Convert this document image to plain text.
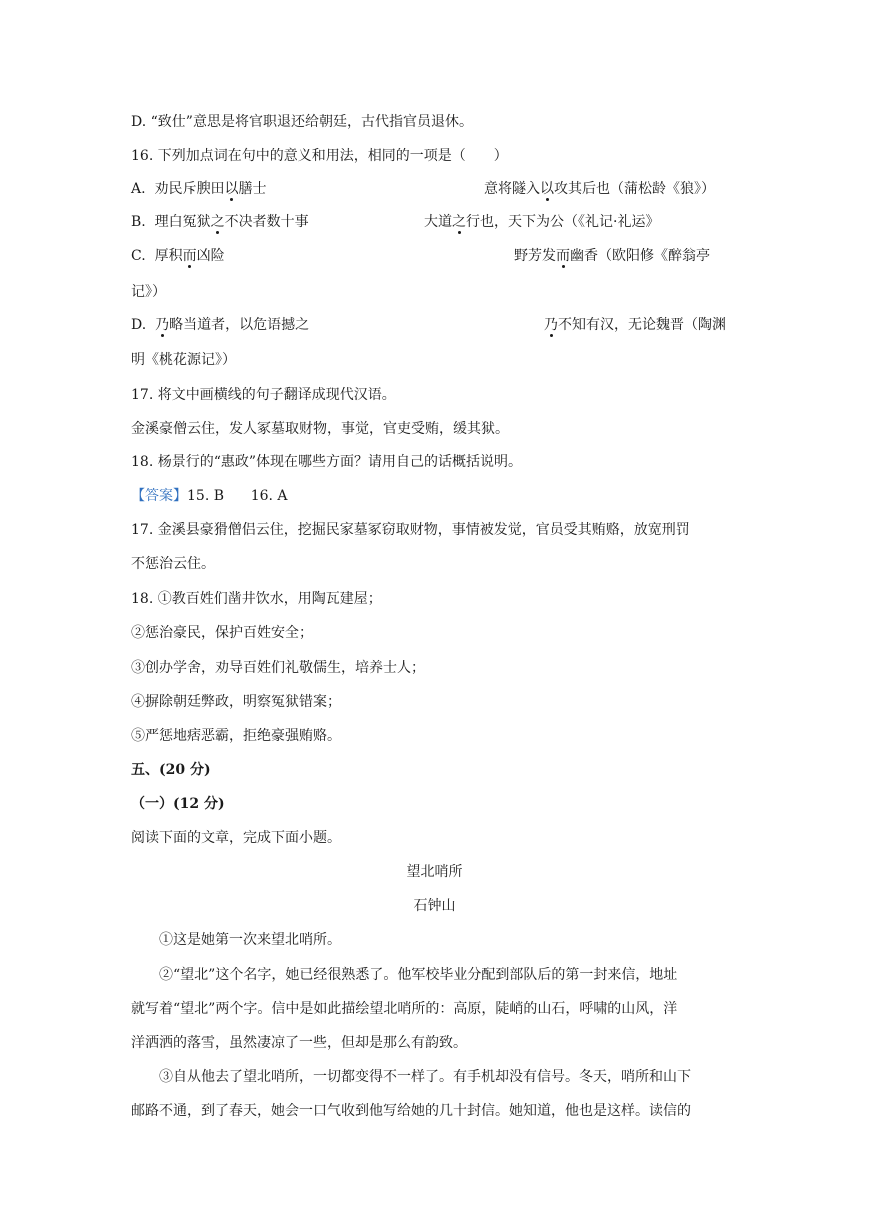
D. “致仕”意思是将官职退还给朝廷，古代指官员退休。
16. 下列加点词在句中的意义和用法，相同的一项是（　　）
A. 劝民斥腴田以膳士	意将隧入以攻其后也（蒲松龄《狼》）
B. 理白冤狱之不决者数十事	大道之行也，天下为公（《礼记·礼运》
C. 厚积而凶险	野芳发而幽香（欧阳修《醉翁亭
记》）
D. 乃略当道者，以危语撼之	乃不知有汉，无论魏晋（陶渊
明《桃花源记》）
17. 将文中画横线的句子翻译成现代汉语。
金溪豪僧云住，发人冢墓取财物，事觉，官吏受贿，缓其狱。
18. 杨景行的“惠政”体现在哪些方面？请用自己的话概括说明。
【答案】15. B 16. A
17. 金溪县豪猾僧侣云住，挖掘民家墓冢窃取财物，事情被发觉，官员受其贿赂，放宽刑罚
不惩治云住。
18. ①教百姓们凿井饮水，用陶瓦建屋；
②惩治豪民，保护百姓安全；
③创办学舍，劝导百姓们礼敬儒生，培养士人；
④摒除朝廷弊政，明察冤狱错案；
⑤严惩地痞恶霸，拒绝豪强贿赂。
五、(20 分)
（一）(12 分)
阅读下面的文章，完成下面小题。
望北哨所
石钟山
①这是她第一次来望北哨所。
②“望北”这个名字，她已经很熟悉了。他军校毕业分配到部队后的第一封来信，地址
就写着“望北”两个字。信中是如此描绘望北哨所的：高原，陡峭的山石，呼啸的山风，洋
洋洒洒的落雪，虽然凄凉了一些，但却是那么有韵致。
③自从他去了望北哨所，一切都变得不一样了。有手机却没有信号。冬天，哨所和山下
邮路不通，到了春天，她会一口气收到他写给她的几十封信。她知道，他也是这样。读信的
